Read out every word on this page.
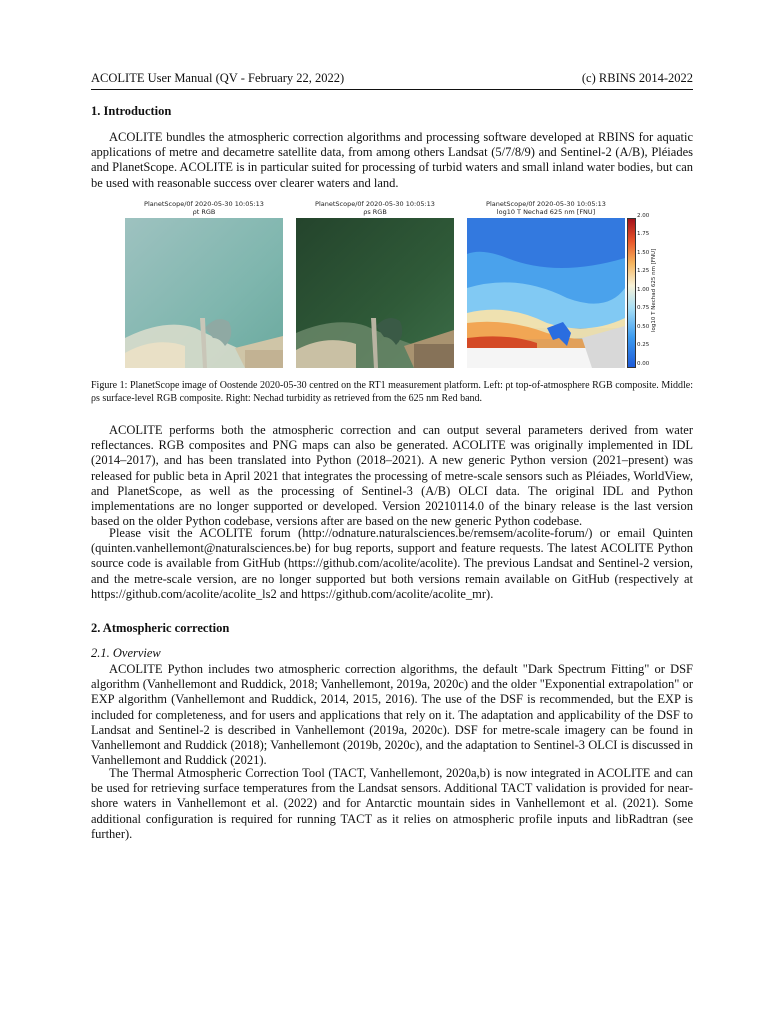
ACOLITE User Manual (QV - February 22, 2022)	(c) RBINS 2014-2022
1. Introduction
ACOLITE bundles the atmospheric correction algorithms and processing software developed at RBINS for aquatic applications of metre and decametre satellite data, from among others Landsat (5/7/8/9) and Sentinel-2 (A/B), Pléiades and PlanetScope. ACOLITE is in particular suited for processing of turbid waters and small inland water bodies, but can be used with reasonable success over clearer waters and land.
PlanetScope/0f 2020-05-30 10:05:13
ρt RGB
PlanetScope/0f 2020-05-30 10:05:13
ρs RGB
PlanetScope/0f 2020-05-30 10:05:13
log10 T Nechad 625 nm [FNU]	2.00
1.75
1.50
1.25
1.00
0.75
0.50
0.25
0.00
log10 T Nechad 625 nm [FNU]
Figure 1: PlanetScope image of Oostende 2020-05-30 centred on the RT1 measurement platform. Left: ρt top-of-atmosphere RGB composite. Middle: ρs surface-level RGB composite. Right: Nechad turbidity as retrieved from the 625 nm Red band.
ACOLITE performs both the atmospheric correction and can output several parameters derived from water reflectances. RGB composites and PNG maps can also be generated. ACOLITE was originally implemented in IDL (2014–2017), and has been translated into Python (2018–2021). A new generic Python version (2021–present) was released for public beta in April 2021 that integrates the processing of metre-scale sensors such as Pléiades, WorldView, and PlanetScope, as well as the processing of Sentinel-3 (A/B) OLCI data. The original IDL and Python implementations are no longer supported or developed. Version 20210114.0 of the binary release is the last version based on the older Python codebase, versions after are based on the new generic Python codebase.
Please visit the ACOLITE forum (http://odnature.naturalsciences.be/remsem/acolite-forum/) or email Quinten (quinten.vanhellemont@naturalsciences.be) for bug reports, support and feature requests. The latest ACOLITE Python source code is available from GitHub (https://github.com/acolite/acolite). The previous Landsat and Sentinel-2 version, and the metre-scale version, are no longer supported but both versions remain available on GitHub (respectively at https://github.com/acolite/acolite_ls2 and https://github.com/acolite/acolite_mr).
2. Atmospheric correction
2.1. Overview
ACOLITE Python includes two atmospheric correction algorithms, the default "Dark Spectrum Fitting" or DSF algorithm (Vanhellemont and Ruddick, 2018; Vanhellemont, 2019a, 2020c) and the older "Exponential extrapolation" or EXP algorithm (Vanhellemont and Ruddick, 2014, 2015, 2016). The use of the DSF is recommended, but the EXP is included for completeness, and for users and applications that rely on it. The adaptation and applicability of the DSF to Landsat and Sentinel-2 is described in Vanhellemont (2019a, 2020c). DSF for metre-scale imagery can be found in Vanhellemont and Ruddick (2018); Vanhellemont (2019b, 2020c), and the adaptation to Sentinel-3 OLCI is discussed in Vanhellemont and Ruddick (2021).
The Thermal Atmospheric Correction Tool (TACT, Vanhellemont, 2020a,b) is now integrated in ACOLITE and can be used for retrieving surface temperatures from the Landsat sensors. Additional TACT validation is provided for near-shore waters in Vanhellemont et al. (2022) and for Antarctic mountain sides in Vanhellemont et al. (2021). Some additional configuration is required for running TACT as it relies on atmospheric profile inputs and libRadtran (see further).
